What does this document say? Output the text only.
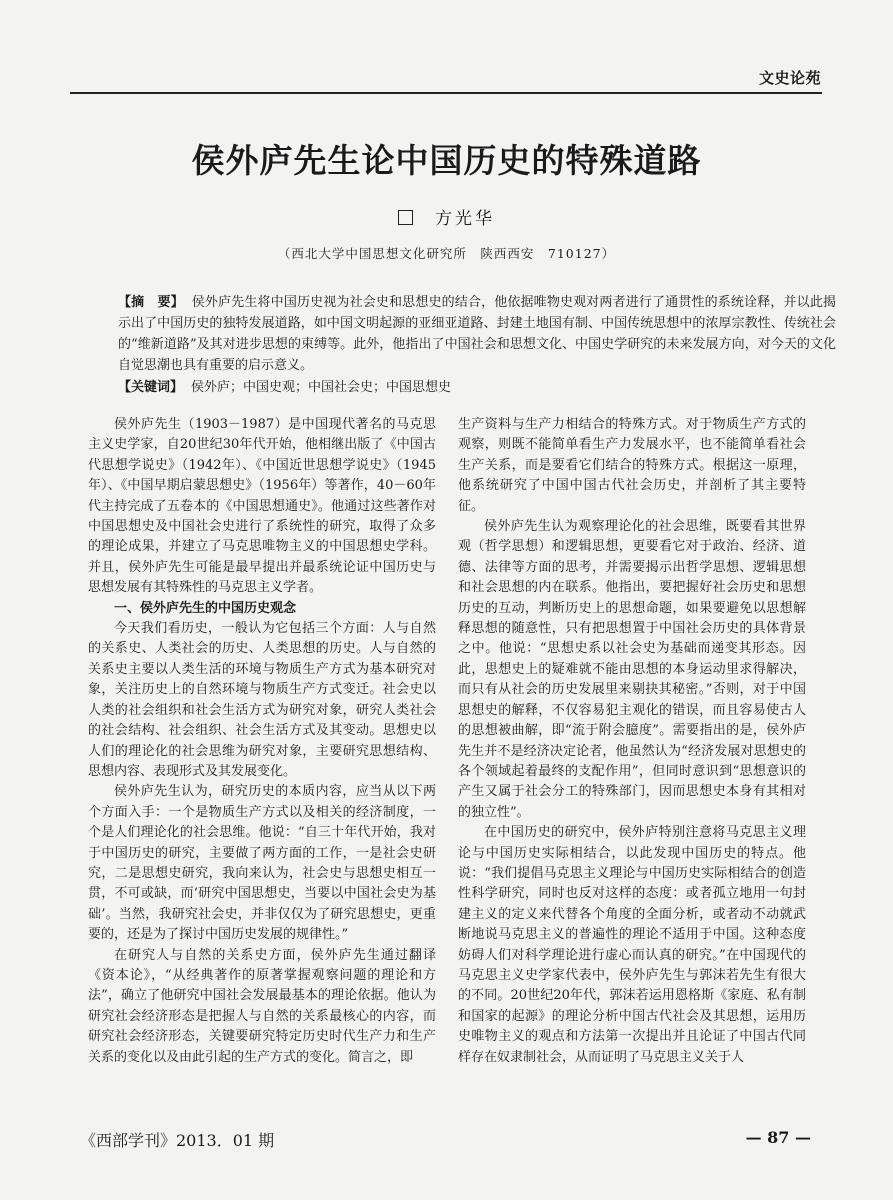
文史论苑
侯外庐先生论中国历史的特殊道路
方光华
（西北大学中国思想文化研究所　陕西西安　710127）

【摘　要】 侯外庐先生将中国历史视为社会史和思想史的结合，他依据唯物史观对两者进行了通贯性的系统诠释，并以此揭示出了中国历史的独特发展道路，如中国文明起源的亚细亚道路、封建土地国有制、中国传统思想中的浓厚宗教性、传统社会的“维新道路”及其对进步思想的束缚等。此外，他指出了中国社会和思想文化、中国史学研究的未来发展方向，对今天的文化自觉思潮也具有重要的启示意义。

【关键词】 侯外庐；中国史观；中国社会史；中国思想史

侯外庐先生（1903－1987）是中国现代著名的马克思主义史学家，自20世纪30年代开始，他相继出版了《中国古代思想学说史》（1942年）、《中国近世思想学说史》（1945年）、《中国早期启蒙思想史》（1956年）等著作，40－60年代主持完成了五卷本的《中国思想通史》。他通过这些著作对中国思想史及中国社会史进行了系统性的研究，取得了众多的理论成果，并建立了马克思唯物主义的中国思想史学科。并且，侯外庐先生可能是最早提出并最系统论证中国历史与思想发展有其特殊性的马克思主义学者。

一、侯外庐先生的中国历史观念

今天我们看历史，一般认为它包括三个方面：人与自然的关系史、人类社会的历史、人类思想的历史。人与自然的关系史主要以人类生活的环境与物质生产方式为基本研究对象，关注历史上的自然环境与物质生产方式变迁。社会史以人类的社会组织和社会生活方式为研究对象，研究人类社会的社会结构、社会组织、社会生活方式及其变动。思想史以人们的理论化的社会思维为研究对象，主要研究思想结构、思想内容、表现形式及其发展变化。

侯外庐先生认为，研究历史的本质内容，应当从以下两个方面入手：一个是物质生产方式以及相关的经济制度，一个是人们理论化的社会思维。他说：“自三十年代开始，我对于中国历史的研究，主要做了两方面的工作，一是社会史研究，二是思想史研究，我向来认为，社会史与思想史相互一贯，不可或缺，而‘研究中国思想史，当要以中国社会史为基础’。当然，我研究社会史，并非仅仅为了研究思想史，更重要的，还是为了探讨中国历史发展的规律性。”

在研究人与自然的关系史方面，侯外庐先生通过翻译《资本论》，“从经典著作的原著掌握观察问题的理论和方法”，确立了他研究中国社会发展最基本的理论依据。他认为研究社会经济形态是把握人与自然的关系最核心的内容，而研究社会经济形态，关键要研究特定历史时代生产力和生产关系的变化以及由此引起的生产方式的变化。简言之，即

生产资料与生产力相结合的特殊方式。对于物质生产方式的观察，则既不能简单看生产力发展水平，也不能简单看社会生产关系，而是要看它们结合的特殊方式。根据这一原理，他系统研究了中国中国古代社会历史，并剖析了其主要特征。

侯外庐先生认为观察理论化的社会思维，既要看其世界观（哲学思想）和逻辑思想，更要看它对于政治、经济、道德、法律等方面的思考，并需要揭示出哲学思想、逻辑思想和社会思想的内在联系。他指出，要把握好社会历史和思想历史的互动，判断历史上的思想命题，如果要避免以思想解释思想的随意性，只有把思想置于中国社会历史的具体背景之中。他说：“思想史系以社会史为基础而递变其形态。因此，思想史上的疑难就不能由思想的本身运动里求得解决，而只有从社会的历史发展里来剔抉其秘密。”否则，对于中国思想史的解释，不仅容易犯主观化的错误，而且容易使古人的思想被曲解，即“流于附会臆度”。需要指出的是，侯外庐先生并不是经济决定论者，他虽然认为“经济发展对思想史的各个领域起着最终的支配作用”，但同时意识到“思想意识的产生又属于社会分工的特殊部门，因而思想史本身有其相对的独立性”。

在中国历史的研究中，侯外庐特别注意将马克思主义理论与中国历史实际相结合，以此发现中国历史的特点。他说：“我们提倡马克思主义理论与中国历史实际相结合的创造性科学研究，同时也反对这样的态度：或者孤立地用一句封建主义的定义来代替各个角度的全面分析，或者动不动就武断地说马克思主义的普遍性的理论不适用于中国。这种态度妨碍人们对科学理论进行虚心而认真的研究。”在中国现代的马克思主义史学家代表中，侯外庐先生与郭沫若先生有很大的不同。20世纪20年代，郭沫若运用恩格斯《家庭、私有制和国家的起源》的理论分析中国古代社会及其思想，运用历史唯物主义的观点和方法第一次提出并且论证了中国古代同样存在奴隶制社会，从而证明了马克思主义关于人

《西部学刊》2013．01 期	— 87 —
